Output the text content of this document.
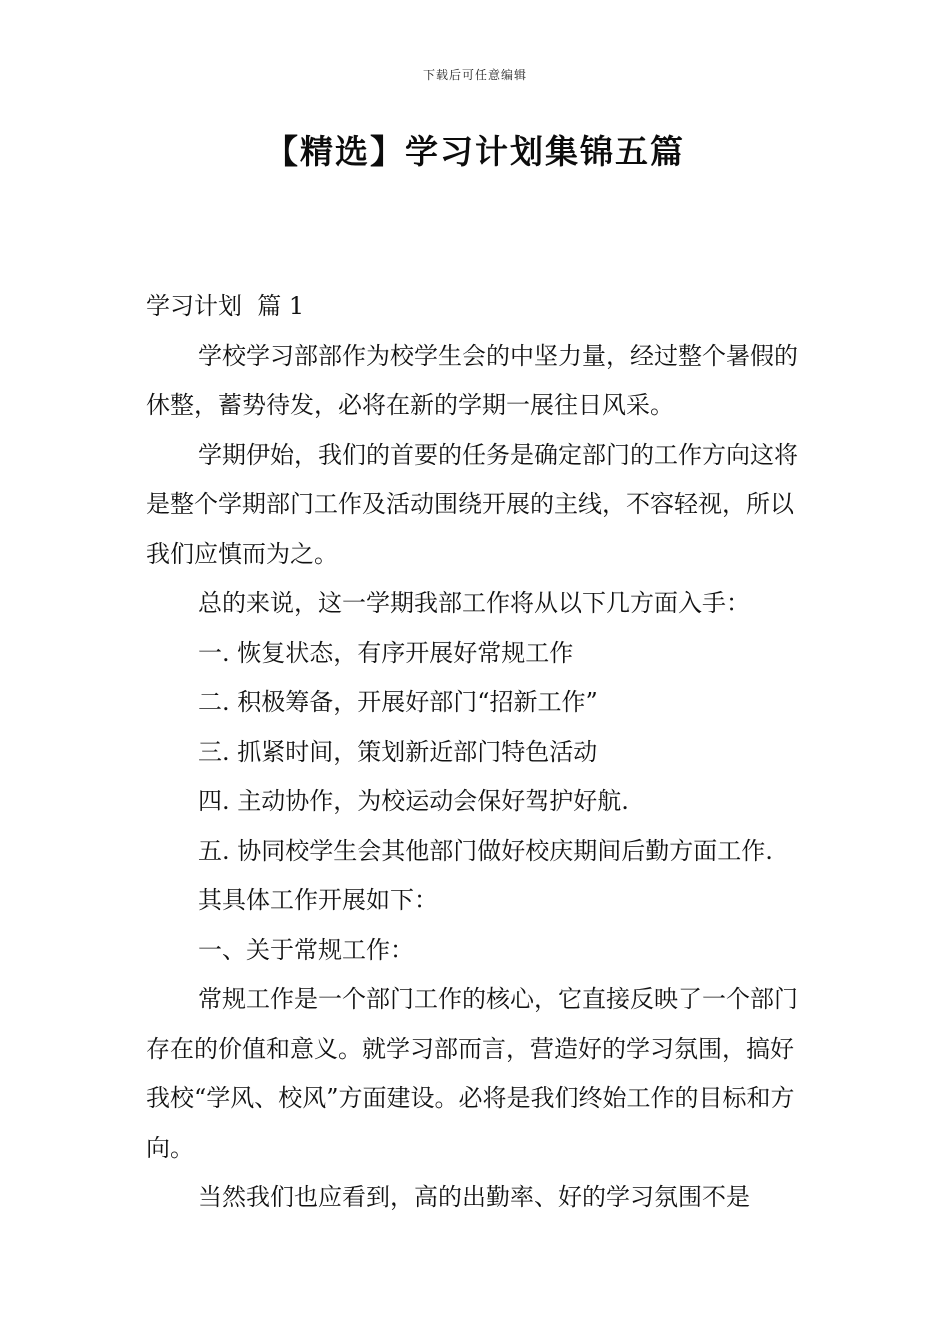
下载后可任意编辑
【精选】学习计划集锦五篇

学习计划  篇 1

学校学习部部作为校学生会的中坚力量，经过整个暑假的休整，蓄势待发，必将在新的学期一展往日风采。

学期伊始，我们的首要的任务是确定部门的工作方向这将是整个学期部门工作及活动围绕开展的主线，不容轻视，所以我们应慎而为之。

总的来说，这一学期我部工作将从以下几方面入手：

一. 恢复状态，有序开展好常规工作

二. 积极筹备，开展好部门“招新工作”

三. 抓紧时间，策划新近部门特色活动

四. 主动协作，为校运动会保好驾护好航.

五. 协同校学生会其他部门做好校庆期间后勤方面工作.

其具体工作开展如下：

一、关于常规工作：

常规工作是一个部门工作的核心，它直接反映了一个部门存在的价值和意义。就学习部而言，营造好的学习氛围，搞好我校“学风、校风”方面建设。必将是我们终始工作的目标和方向。

当然我们也应看到，高的出勤率、好的学习氛围不是
